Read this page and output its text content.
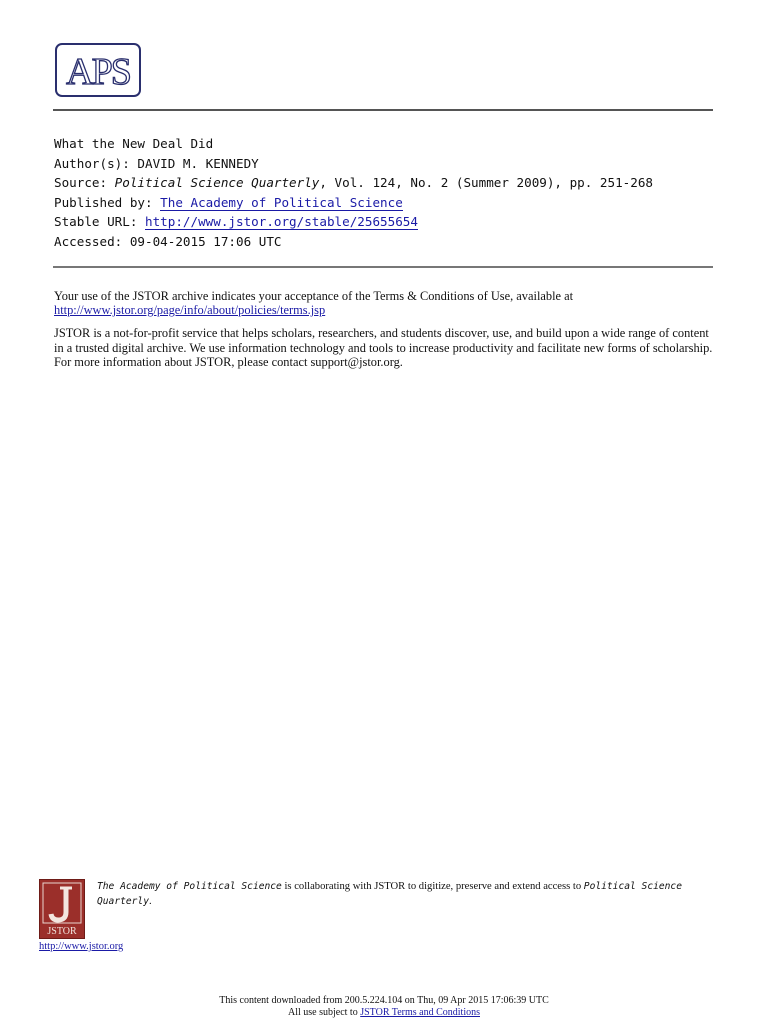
APS
What the New Deal Did
Author(s): DAVID M. KENNEDY
Source: Political Science Quarterly, Vol. 124, No. 2 (Summer 2009), pp. 251-268
Published by: The Academy of Political Science
Stable URL: http://www.jstor.org/stable/25655654
Accessed: 09-04-2015 17:06 UTC

Your use of the JSTOR archive indicates your acceptance of the Terms & Conditions of Use, available at
http://www.jstor.org/page/info/about/policies/terms.jsp

JSTOR is a not-for-profit service that helps scholars, researchers, and students discover, use, and build upon a wide range of content in a trusted digital archive. We use information technology and tools to increase productivity and facilitate new forms of scholarship. For more information about JSTOR, please contact support@jstor.org.

JSTOR
The Academy of Political Science is collaborating with JSTOR to digitize, preserve and extend access to Political Science Quarterly.
http://www.jstor.org
This content downloaded from 200.5.224.104 on Thu, 09 Apr 2015 17:06:39 UTC
All use subject to JSTOR Terms and Conditions
